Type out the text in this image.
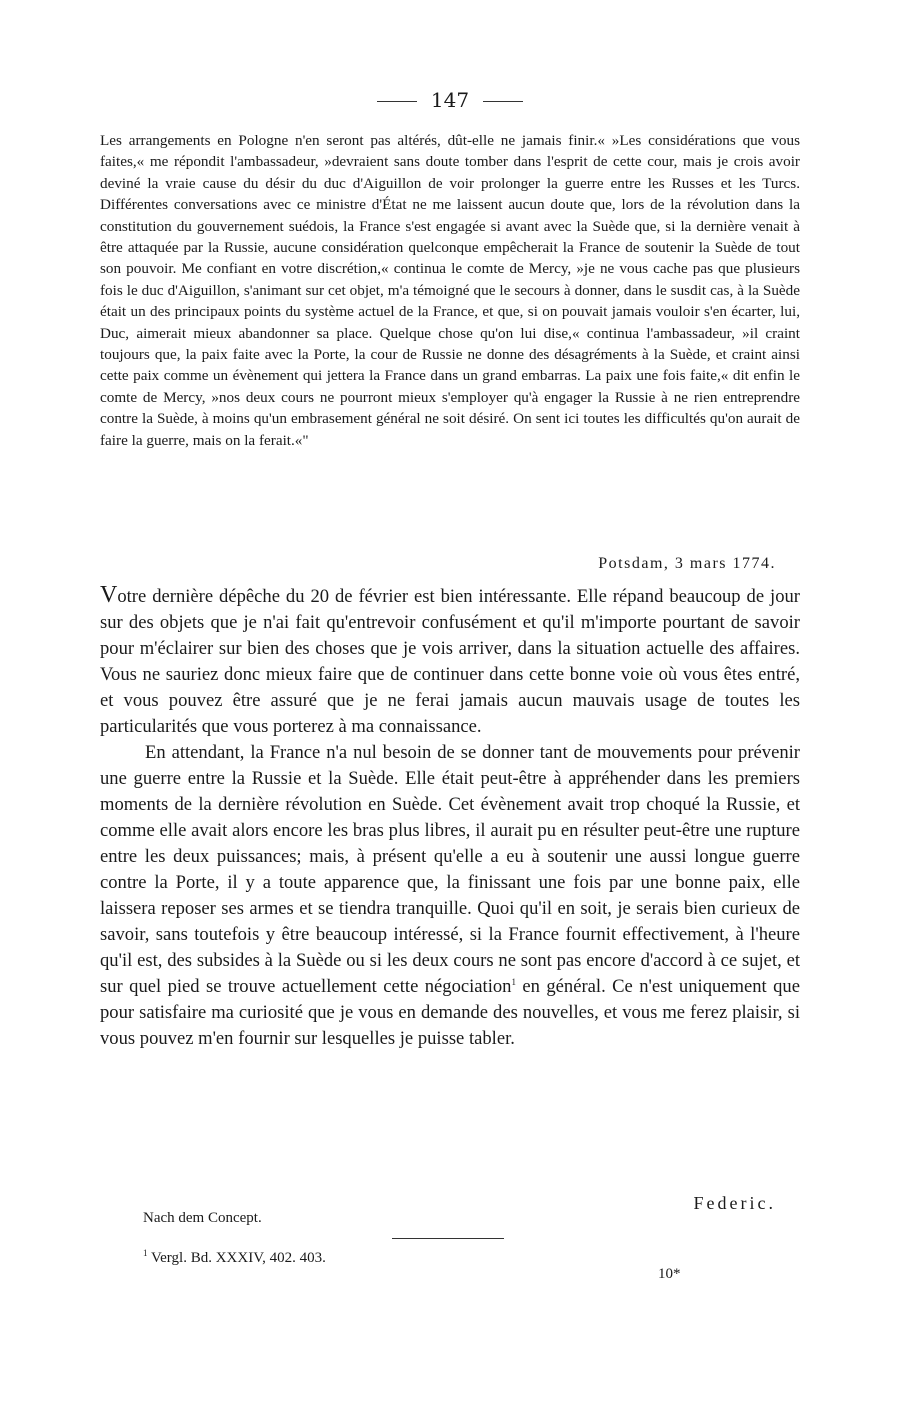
147

Les arrangements en Pologne n'en seront pas altérés, dût-elle ne jamais finir.« »Les considérations que vous faites,« me répondit l'ambassadeur, »devraient sans doute tomber dans l'esprit de cette cour, mais je crois avoir deviné la vraie cause du désir du duc d'Aiguillon de voir prolonger la guerre entre les Russes et les Turcs. Différentes conversations avec ce ministre d'État ne me laissent aucun doute que, lors de la révolution dans la constitution du gouvernement suédois, la France s'est engagée si avant avec la Suède que, si la dernière venait à être attaquée par la Russie, aucune considération quelconque empêcherait la France de soutenir la Suède de tout son pouvoir. Me confiant en votre discrétion,« continua le comte de Mercy, »je ne vous cache pas que plusieurs fois le duc d'Aiguillon, s'animant sur cet objet, m'a témoigné que le secours à donner, dans le susdit cas, à la Suède était un des principaux points du système actuel de la France, et que, si on pouvait jamais vouloir s'en écarter, lui, Duc, aimerait mieux abandonner sa place. Quelque chose qu'on lui dise,« continua l'ambassadeur, »il craint toujours que, la paix faite avec la Porte, la cour de Russie ne donne des désagréments à la Suède, et craint ainsi cette paix comme un évènement qui jettera la France dans un grand embarras. La paix une fois faite,« dit enfin le comte de Mercy, »nos deux cours ne pourront mieux s'employer qu'à engager la Russie à ne rien entreprendre contre la Suède, à moins qu'un embrasement général ne soit désiré. On sent ici toutes les difficultés qu'on aurait de faire la guerre, mais on la ferait.«"

Potsdam, 3 mars 1774.

Votre dernière dépêche du 20 de février est bien intéressante. Elle répand beaucoup de jour sur des objets que je n'ai fait qu'entrevoir confusément et qu'il m'importe pourtant de savoir pour m'éclairer sur bien des choses que je vois arriver, dans la situation actuelle des affaires. Vous ne sauriez donc mieux faire que de continuer dans cette bonne voie où vous êtes entré, et vous pouvez être assuré que je ne ferai jamais aucun mauvais usage de toutes les particularités que vous porterez à ma connaissance.

En attendant, la France n'a nul besoin de se donner tant de mouvements pour prévenir une guerre entre la Russie et la Suède. Elle était peut-être à appréhender dans les premiers moments de la dernière révolution en Suède. Cet évènement avait trop choqué la Russie, et comme elle avait alors encore les bras plus libres, il aurait pu en résulter peut-être une rupture entre les deux puissances; mais, à présent qu'elle a eu à soutenir une aussi longue guerre contre la Porte, il y a toute apparence que, la finissant une fois par une bonne paix, elle laissera reposer ses armes et se tiendra tranquille. Quoi qu'il en soit, je serais bien curieux de savoir, sans toutefois y être beaucoup intéressé, si la France fournit effectivement, à l'heure qu'il est, des subsides à la Suède ou si les deux cours ne sont pas encore d'accord à ce sujet, et sur quel pied se trouve actuellement cette négociation$^1$ en général. Ce n'est uniquement que pour satisfaire ma curiosité que je vous en demande des nouvelles, et vous me ferez plaisir, si vous pouvez m'en fournir sur lesquelles je puisse tabler.

Federic.
Nach dem Concept.
$^1$ Vergl. Bd. XXXIV, 402. 403.
10*
